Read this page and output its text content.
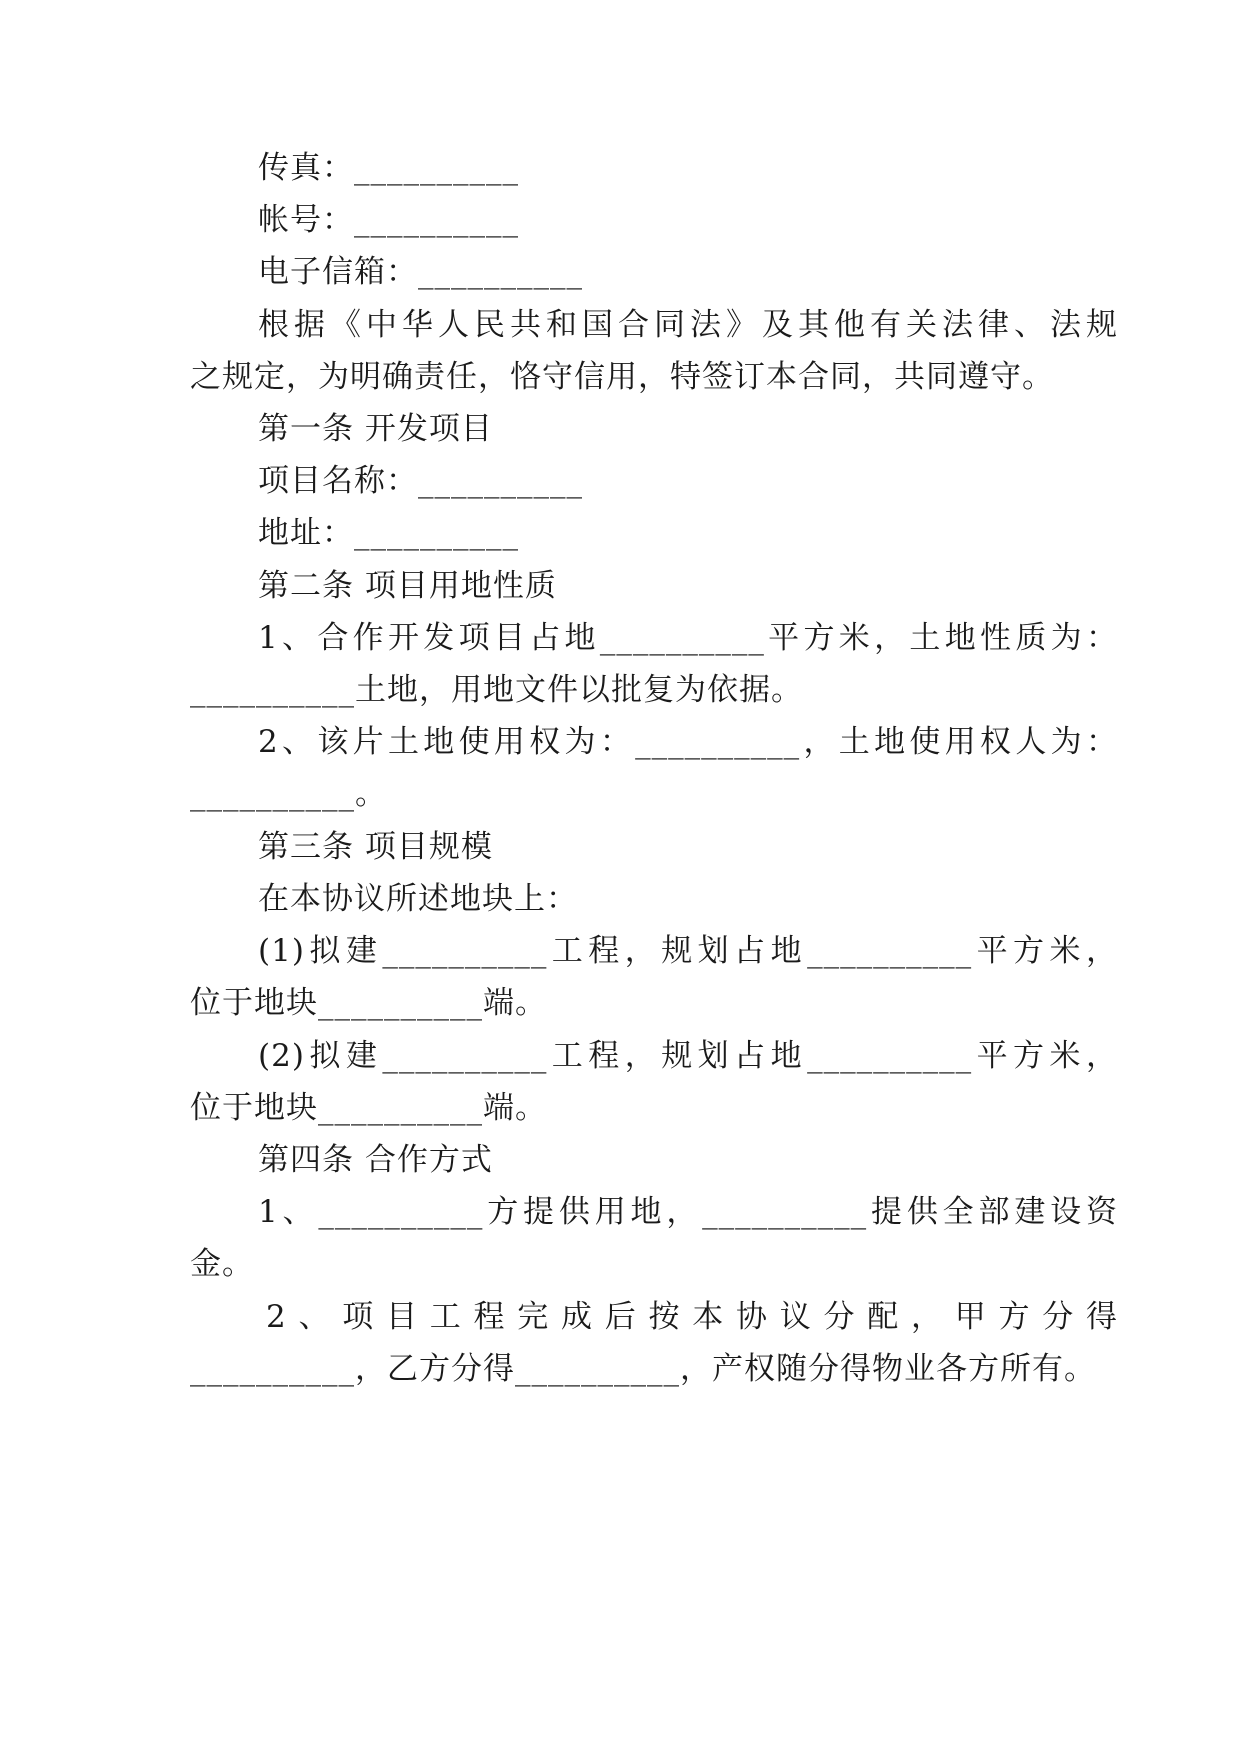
传真：__________
帐号：__________
电子信箱：__________
根据《中华人民共和国合同法》及其他有关法律、法规
之规定，为明确责任，恪守信用，特签订本合同，共同遵守。
第一条 开发项目
项目名称：__________
地址：__________
第二条 项目用地性质
1、合作开发项目占地__________平方米，土地性质为：
__________土地，用地文件以批复为依据。
2、该片土地使用权为：__________，土地使用权人为：
__________。
第三条 项目规模
在本协议所述地块上：
(1)拟建__________工程，规划占地__________平方米，
位于地块__________端。
(2)拟建__________工程，规划占地__________平方米，
位于地块__________端。
第四条 合作方式
1、__________方提供用地，__________提供全部建设资
金。
2、项目工程完成后按本协议分配，甲方分得
__________，乙方分得__________，产权随分得物业各方所有。
